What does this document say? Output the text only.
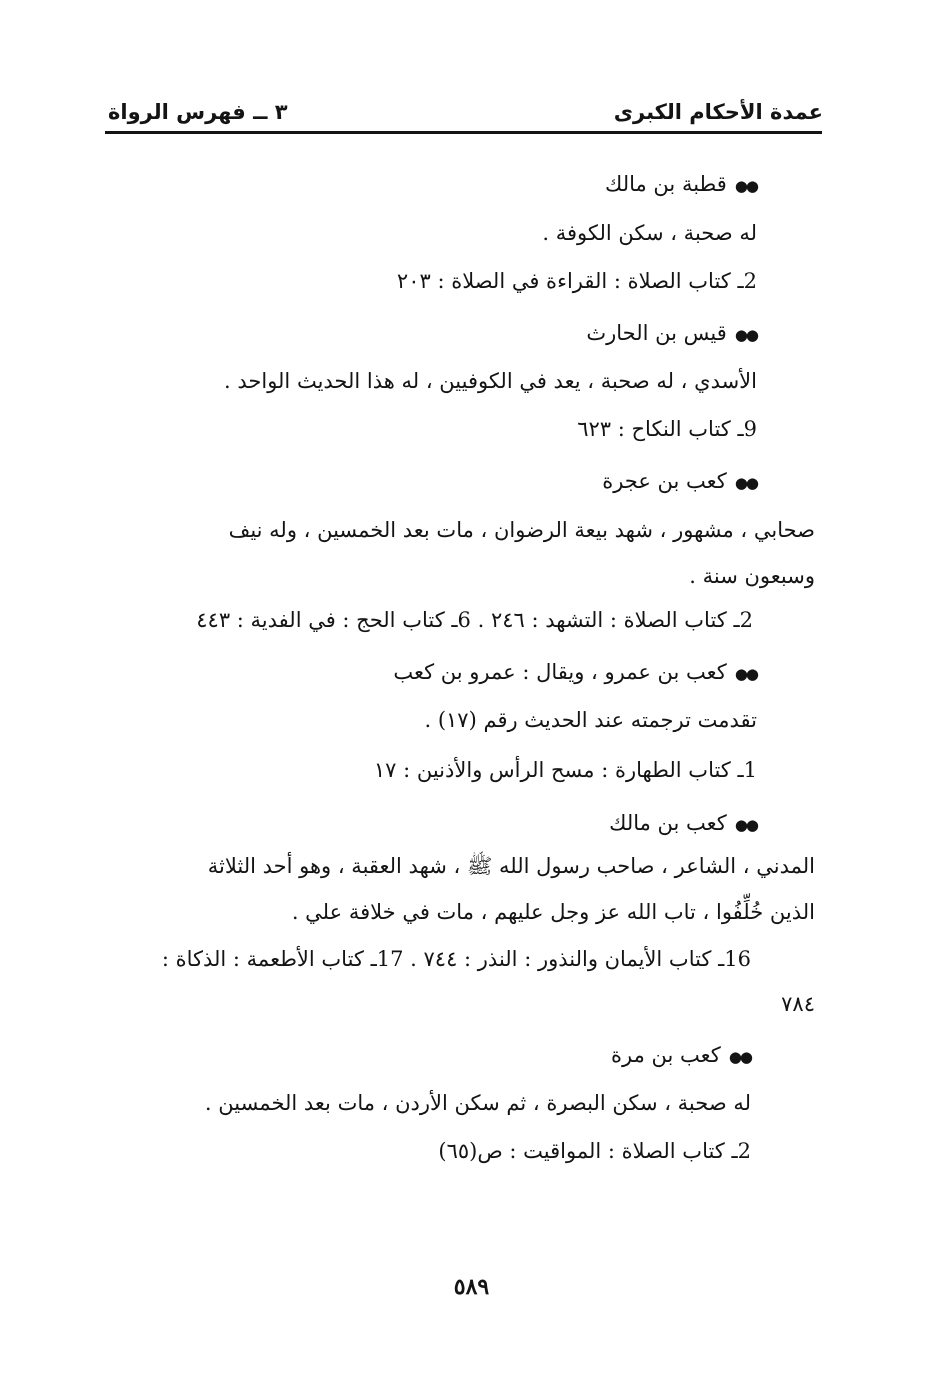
عمدة الأحكام الكبرى
٣ ــ فهرس الرواة
●●قطبة بن مالك
له صحبة ، سكن الكوفة .
2ـ كتاب الصلاة : القراءة في الصلاة : ٢٠٣
●●قيس بن الحارث
الأسدي ، له صحبة ، يعد في الكوفيين ، له هذا الحديث الواحد .
9ـ كتاب النكاح : ٦٢٣
●●كعب بن عجرة
صحابي ، مشهور ، شهد بيعة الرضوان ، مات بعد الخمسين ، وله نيف
وسبعون سنة .
2ـ كتاب الصلاة : التشهد : ٢٤٦ . 6ـ كتاب الحج : في الفدية : ٤٤٣
●●كعب بن عمرو ، ويقال : عمرو بن كعب
تقدمت ترجمته عند الحديث رقم (١٧) .
1ـ كتاب الطهارة : مسح الرأس والأذنين : ١٧
●●كعب بن مالك
المدني ، الشاعر ، صاحب رسول الله ﷺ ، شهد العقبة ، وهو أحد الثلاثة
الذين خُلِّفُوا ، تاب الله عز وجل عليهم ، مات في خلافة علي .
16ـ كتاب الأيمان والنذور : النذر : ٧٤٤ . 17ـ كتاب الأطعمة : الذكاة :
٧٨٤
●●كعب بن مرة
له صحبة ، سكن البصرة ، ثم سكن الأردن ، مات بعد الخمسين .
2ـ كتاب الصلاة : المواقيت : ص(٦٥)
٥٨٩
